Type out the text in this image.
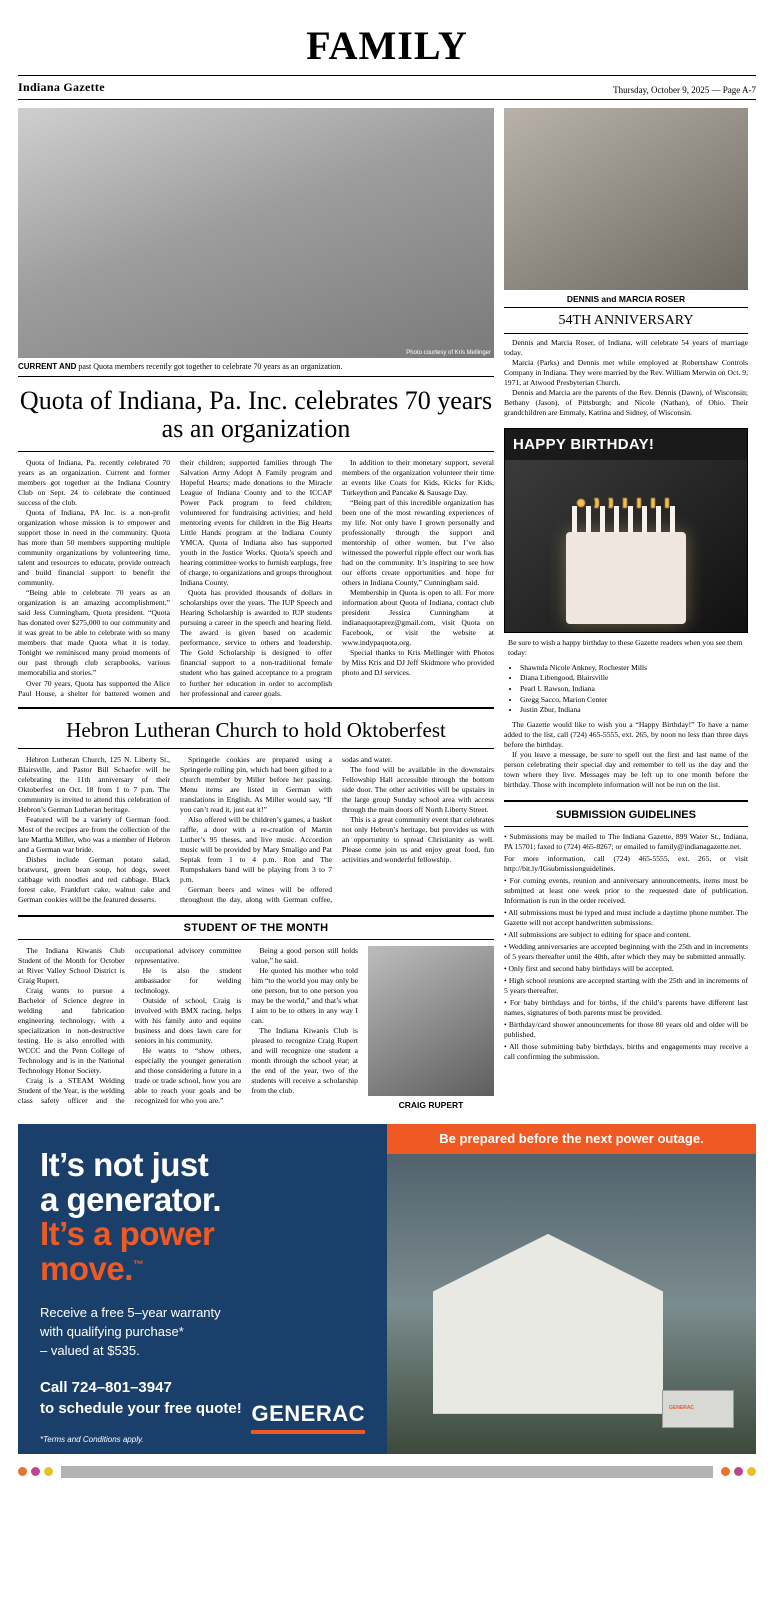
FAMILY
Indiana Gazette	Thursday, October 9, 2025 — Page A-7
Photo courtesy of Kris Mellinger
CURRENT AND past Quota members recently got together to celebrate 70 years as an organization.
Quota of Indiana, Pa. Inc. celebrates 70 years as an organization

Quota of Indiana, Pa. recently celebrated 70 years as an organization. Current and former members got together at the Indiana Country Club on Sept. 24 to celebrate the continued success of the club.

Quota of Indiana, PA Inc. is a non-profit organization whose mission is to empower and support those in need in the community. Quota has more than 50 members supporting multiple community organizations by volunteering time, talent and resources to educate, provide outreach and build financial support to benefit the community.

“Being able to celebrate 70 years as an organization is an amazing accomplishment,” said Jess Cunningham, Quota president. “Quota has donated over $275,000 to our community and it was great to be able to celebrate with so many members that made Quota what it is today. Tonight we reminisced many proud moments of our past through club scrapbooks, various memorabilia and stories.”

Over 70 years, Quota has supported the Alice Paul House, a shelter for battered women and their children; supported families through The Salvation Army Adopt A Family program and Hopeful Hearts; made donations to the Miracle League of Indiana County and to the ICCAP Power Pack program to feed children; volunteered for fundraising activities; and held mentoring events for children in the Big Hearts Little Hands program at the Indiana County YMCA. Quota of Indiana also has supported youth in the Justice Works. Quota’s speech and hearing committee works to furnish earplugs, free of charge, to organizations and groups throughout Indiana County.

Quota has provided thousands of dollars in scholarships over the years. The IUP Speech and Hearing Scholarship is awarded to IUP students pursuing a career in the speech and hearing field. The award is given based on academic performance, service to others and leadership. The Gold Scholarship is designed to offer financial support to a non-traditional female student who has gained acceptance to a program to further her education in order to accomplish her professional and career goals.

In addition to their monetary support, several members of the organization volunteer their time at events like Coats for Kids, Kicks for Kids, Turkeython and Pancake & Sausage Day.

“Being part of this incredible organization has been one of the most rewarding experiences of my life. Not only have I grown personally and professionally through the support and mentorship of other women, but I’ve also witnessed the powerful ripple effect our work has had on the community. It’s inspiring to see how our efforts create opportunities and hope for others in Indiana County,” Cunningham said.

Membership in Quota is open to all. For more information about Quota of Indiana, contact club president Jessica Cunningham at indianaquotaprez@gmail.com, visit Quota on Facebook, or visit the website at www.indypaquota.org.

Special thanks to Kris Mellinger with Photos by Miss Kris and DJ Jeff Skidmore who provided photo and DJ services.

Hebron Lutheran Church to hold Oktoberfest

Hebron Lutheran Church, 125 N. Liberty St., Blairsville, and Pastor Bill Schaefer will be celebrating the 11th anniversary of their Oktoberfest on Oct. 18 from 1 to 7 p.m. The community is invited to attend this celebration of Hebron’s German Lutheran heritage.

Featured will be a variety of German food. Most of the recipes are from the collection of the late Martha Miller, who was a member of Hebron and a German war bride.

Dishes include German potato salad, bratwurst, green bean soup, hot dogs, sweet cabbage with noodles and red cabbage. Black forest cake, Frankfurt cake, walnut cake and German cookies will be the featured desserts.

Springerle cookies are prepared using a Springerle rolling pin, which had been gifted to a church member by Miller before her passing. Menu items are listed in German with translations in English. As Miller would say, “If you can’t read it, just eat it!”

Also offered will be children’s games, a basket raffle, a door with a re-creation of Martin Luther’s 95 theses, and live music. Accordion music will be provided by Mary Smaligo and Pat Septak from 1 to 4 p.m. Ron and The Rumpshakers band will be playing from 3 to 7 p.m.

German beers and wines will be offered throughout the day, along with German coffee, sodas and water.

The food will be available in the downstairs Fellowship Hall accessible through the bottom side door. The other activities will be upstairs in the large group Sunday school area with access through the main doors off North Liberty Street.

This is a great community event that celebrates not only Hebron’s heritage, but provides us with an opportunity to spread Christianity as well. Please come join us and enjoy great food, fun activities and wonderful fellowship.

STUDENT OF THE MONTH

The Indiana Kiwanis Club Student of the Month for October at River Valley School District is Craig Rupert.

Craig wants to pursue a Bachelor of Science degree in welding and fabrication engineering technology, with a specialization in non-destructive testing. He is also enrolled with WCCC and the Penn College of Technology and is in the National Technology Honor Society.

Craig is a STEAM Welding Student of the Year, is the welding class safety officer and the occupational advisory committee representative.

He is also the student ambassador for welding technology.

Outside of school, Craig is involved with BMX racing, helps with his family auto and equine business and does lawn care for seniors in his community.

He wants to “show others, especially the younger generation and those considering a future in a trade or trade school, how you are able to reach your goals and be recognized for who you are.”

Being a good person still holds value,” he said.

He quoted his mother who told him “to the world you may only be one person, but to one person you may be the world,” and that’s what I aim to be to others in any way I can.

The Indiana Kiwanis Club is pleased to recognize Craig Rupert and will recognize one student a month through the school year; at the end of the year, two of the students will receive a scholarship from the club.

CRAIG RUPERT
DENNIS and MARCIA ROSER
54TH ANNIVERSARY

Dennis and Marcia Roser, of Indiana, will celebrate 54 years of marriage today.

Marcia (Parks) and Dennis met while employed at Robertshaw Controls Company in Indiana. They were married by the Rev. William Merwin on Oct. 9, 1971, at Atwood Presbyterian Church.

Dennis and Marcia are the parents of the Rev. Dennis (Dawn), of Wisconsin; Bethany (Jason), of Pittsburgh; and Nicole (Nathan), of Ohio. Their grandchildren are Emmaly, Katrina and Sidney, of Wisconsin.

HAPPY BIRTHDAY!
Be sure to wish a happy birthday to these Gazette readers when you see them today:
• Shawnda Nicole Ankney, Rochester Mills
• Diana Libengood, Blairsville
• Pearl I. Rawson, Indiana
• Gregg Sacco, Marion Center
• Justin Zbur, Indiana

The Gazette would like to wish you a “Happy Birthday!” To have a name added to the list, call (724) 465-5555, ext. 265, by noon no less than three days before the birthday.

If you leave a message, be sure to spell out the first and last name of the person celebrating their special day and remember to tell us the day and the town where they live. Messages may be left up to one month before the birthday. Those with incomplete information will not be run on the list.

SUBMISSION GUIDELINES

• Submissions may be mailed to The Indiana Gazette, 899 Water St., Indiana, PA 15701; faxed to (724) 465-8267; or emailed to family@indianagazette.net.

For more information, call (724) 465-5555, ext. 265, or visit http://bit.ly/IGsubmissionguidelines.

• For coming events, reunion and anniversary announcements, items must be submitted at least one week prior to the requested date of publication. Information is run in the order received.

• All submissions must be typed and must include a daytime phone number. The Gazette will not accept handwritten submissions.

• All submissions are subject to editing for space and content.

• Wedding anniversaries are accepted beginning with the 25th and in increments of 5 years thereafter until the 40th, after which they may be submitted annually.

• Only first and second baby birthdays will be accepted.

• High school reunions are accepted starting with the 25th and in increments of 5 years thereafter.

• For baby birthdays and for births, if the child’s parents have different last names, signatures of both parents must be provided.

• Birthday/card shower announcements for those 80 years old and older will be published.

• All those submitting baby birthdays, births and engagements may receive a call confirming the submission.

It’s not just
a generator.
It’s a power
move.™
Receive a free 5–year warranty
with qualifying purchase*
– valued at $535.
Call 724–801–3947
to schedule your free quote!
*Terms and Conditions apply.
GENERAC
Be prepared before the next power outage.
GENERAC
